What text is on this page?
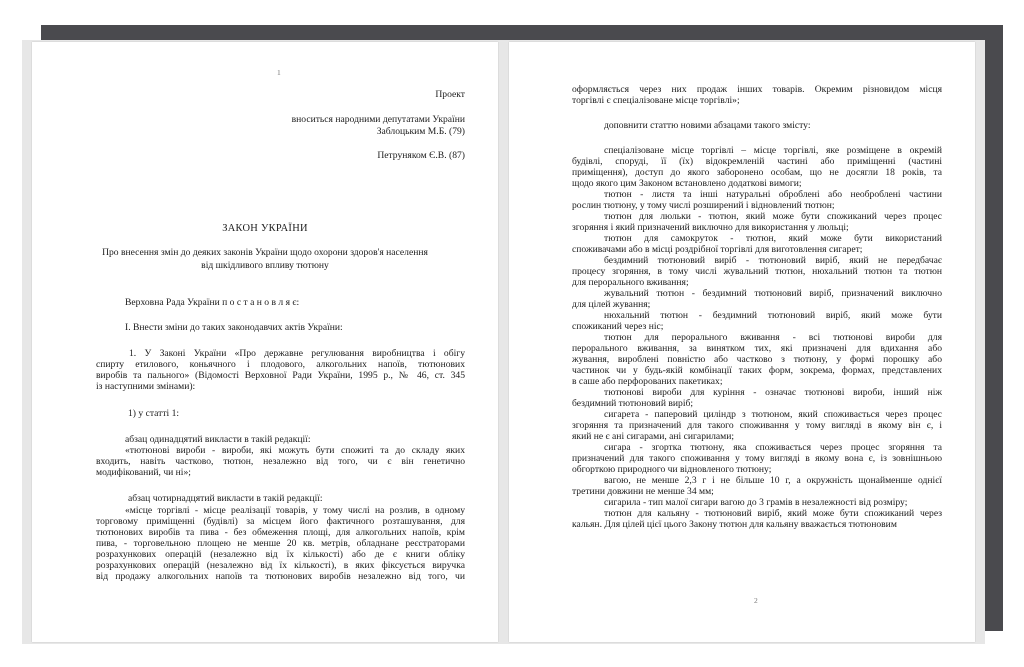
1
Проект
вноситься народними депутатами України
Заблоцьким М.Б. (79)
Петруняком Є.В. (87)
ЗАКОН УКРАЇНИ
Про внесення змін до деяких законів України щодо охорони здоров'я населення
від шкідливого впливу тютюну
Верховна Рада України п о с т а н о в л я є:
І. Внести зміни до таких законодавчих актів України:
1. У Законі України «Про державне регулювання виробництва і обігу
спирту етилового, коньячного і плодового, алкогольних напоїв, тютюнових
виробів та пального» (Відомості Верховної Ради України, 1995 р., № 46, ст. 345
із наступними змінами):
1) у статті 1:
абзац одинадцятий викласти в такій редакції:
«тютюнові вироби - вироби, які можуть бути спожиті та до складу яких
входить, навіть частково, тютюн, незалежно від того, чи є він генетично
модифікований, чи ні»;
абзац чотирнадцятий викласти в такій редакції:
«місце торгівлі - місце реалізації товарів, у тому числі на розлив, в одному
торговому приміщенні (будівлі) за місцем його фактичного розташування, для
тютюнових виробів та пива - без обмеження площі, для алкогольних напоїв, крім
пива, - торговельною площею не менше 20 кв. метрів, обладнане реєстраторами
розрахункових операцій (незалежно від їх кількості) або де є книги обліку
розрахункових операцій (незалежно від їх кількості), в яких фіксується виручка
від продажу алкогольних напоїв та тютюнових виробів незалежно від того, чи
оформляється через них продаж інших товарів. Окремим різновидом місця
торгівлі є спеціалізоване місце торгівлі»;
доповнити статтю новими абзацами такого змісту:
спеціалізоване місце торгівлі – місце торгівлі, яке розміщене в окремій
будівлі, споруді, її (їх) відокремленій частині або приміщенні (частині
приміщення), доступ до якого заборонено особам, що не досягли 18 років, та
щодо якого цим Законом встановлено додаткові вимоги;
тютюн - листя та інші натуральні оброблені або необроблені частини
рослин тютюну, у тому числі розширений і відновлений тютюн;
тютюн для люльки - тютюн, який може бути спожиканий через процес
згоряння і який призначений виключно для використання у люльці;
тютюн для самокруток - тютюн, який може бути використаний
споживачами або в місці роздрібної торгівлі для виготовлення сигарет;
бездимний тютюновий виріб - тютюновий виріб, який не передбачає
процесу згоряння, в тому числі жувальний тютюн, нюхальний тютюн та тютюн
для перорального вживання;
жувальний тютюн - бездимний тютюновий виріб, призначений виключно
для цілей жування;
нюхальний тютюн - бездимний тютюновий виріб, який може бути
спожиканий через ніс;
тютюн для перорального вживання - всі тютюнові вироби для
перорального вживання, за винятком тих, які призначені для вдихання або
жування, вироблені повністю або частково з тютюну, у формі порошку або
частинок чи у будь-якій комбінації таких форм, зокрема, формах, представлених
в саше або перфорованих пакетиках;
тютюнові вироби для куріння - означає тютюнові вироби, інший ніж
бездимний тютюновий виріб;
сигарета - паперовий циліндр з тютюном, який споживається через процес
згоряння та призначений для такого споживання у тому вигляді в якому він є, і
який не є ані сигарами, ані сигарилами;
сигара - згортка тютюну, яка споживається через процес згоряння та
призначений для такого споживання у тому вигляді в якому вона є, із зовнішньою
обгорткою природного чи відновленого тютюну;
вагою, не менше 2,3 г і не більше 10 г, а окружність щонайменше однієї
третини довжини не менше 34 мм;
сигарила - тип малої сигари вагою до 3 грамів в незалежності від розміру;
тютюн для кальяну - тютюновий виріб, який може бути спожиканий через
кальян. Для цілей цієї цього Закону тютюн для кальяну вважається тютюновим
2
